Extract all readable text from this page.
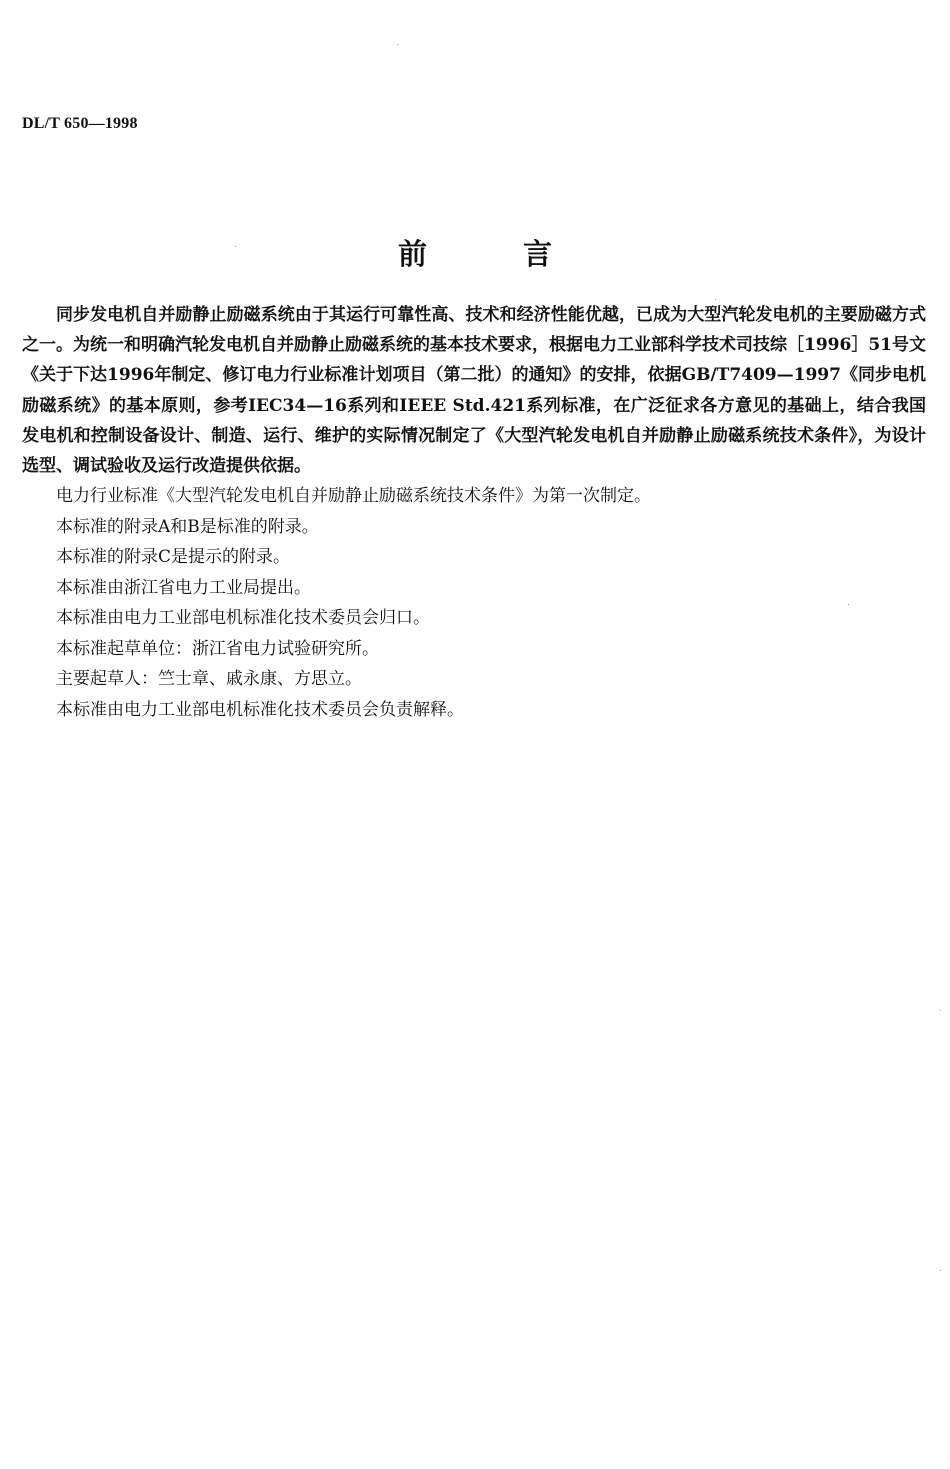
DL/T 650—1998
前言

同步发电机自并励静止励磁系统由于其运行可靠性高、技术和经济性能优越，已成为大型汽轮发电机的主要励磁方式之一。为统一和明确汽轮发电机自并励静止励磁系统的基本技术要求，根据电力工业部科学技术司技综［1996］51号文《关于下达1996年制定、修订电力行业标准计划项目（第二批）的通知》的安排，依据GB/T7409—1997《同步电机励磁系统》的基本原则，参考IEC34—16系列和IEEE Std.421系列标准，在广泛征求各方意见的基础上，结合我国发电机和控制设备设计、制造、运行、维护的实际情况制定了《大型汽轮发电机自并励静止励磁系统技术条件》，为设计选型、调试验收及运行改造提供依据。

电力行业标准《大型汽轮发电机自并励静止励磁系统技术条件》为第一次制定。

本标准的附录A和B是标准的附录。

本标准的附录C是提示的附录。

本标准由浙江省电力工业局提出。

本标准由电力工业部电机标准化技术委员会归口。

本标准起草单位：浙江省电力试验研究所。

主要起草人：竺士章、戚永康、方思立。

本标准由电力工业部电机标准化技术委员会负责解释。
